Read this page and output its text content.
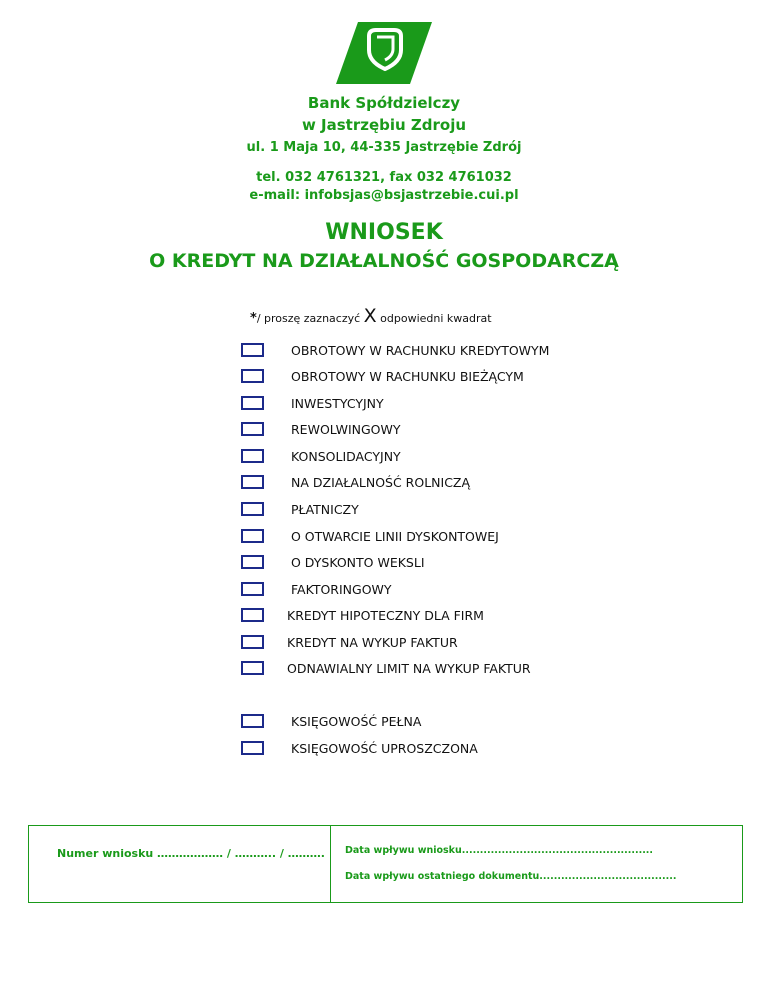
Bank Spółdzielczy
w Jastrzębiu Zdroju
ul. 1 Maja 10, 44-335 Jastrzębie Zdrój
tel. 032 4761321, fax 032 4761032
e-mail: infobsjas@bsjastrzebie.cui.pl
WNIOSEK
O KREDYT NA DZIAŁALNOŚĆ GOSPODARCZĄ
*/ proszę zaznaczyć X odpowiedni kwadrat
OBROTOWY W RACHUNKU KREDYTOWYM
OBROTOWY W RACHUNKU BIEŻĄCYM
INWESTYCYJNY
REWOLWINGOWY
KONSOLIDACYJNY
NA DZIAŁALNOŚĆ ROLNICZĄ
PŁATNICZY
O OTWARCIE LINII DYSKONTOWEJ
O DYSKONTO WEKSLI
FAKTORINGOWY
KREDYT HIPOTECZNY DLA FIRM
KREDYT NA WYKUP FAKTUR
ODNAWIALNY LIMIT NA WYKUP FAKTUR
KSIĘGOWOŚĆ PEŁNA
KSIĘGOWOŚĆ UPROSZCZONA
Numer wniosku ……………… / ……….. / ………. Data wpływu wniosku.....................................................
Data wpływu ostatniego dokumentu......................................
